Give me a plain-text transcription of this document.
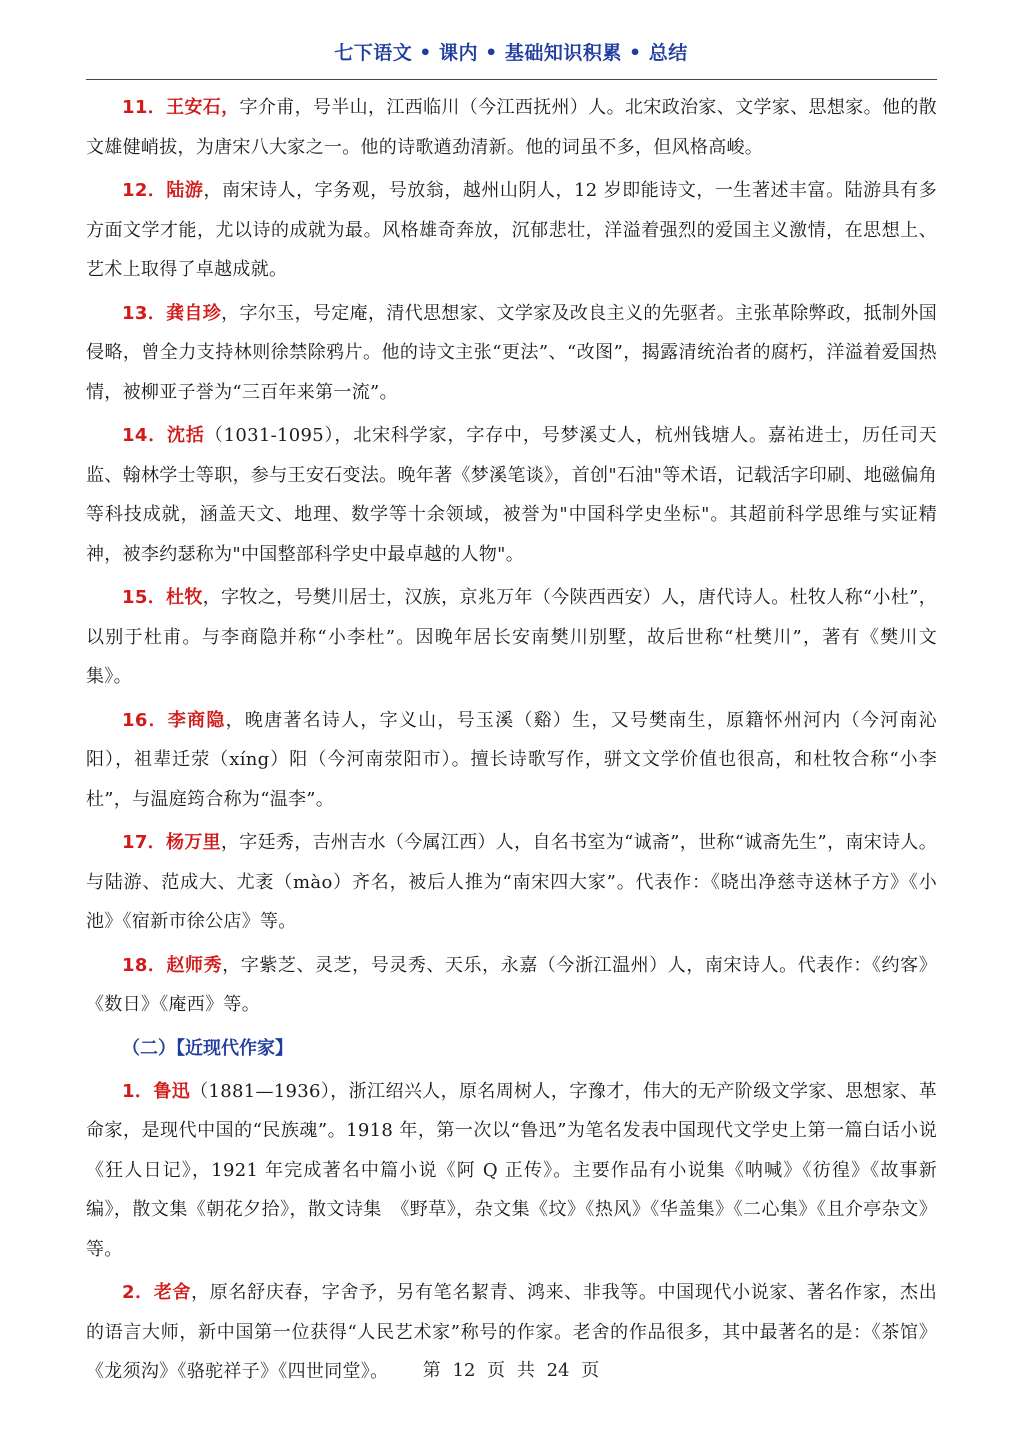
七下语文 • 课内 • 基础知识积累 • 总结

11．王安石，字介甫，号半山，江西临川（今江西抚州）人。北宋政治家、文学家、思想家。他的散文雄健峭拔，为唐宋八大家之一。他的诗歌遒劲清新。他的词虽不多，但风格高峻。

12．陆游，南宋诗人，字务观，号放翁，越州山阴人，12 岁即能诗文，一生著述丰富。陆游具有多方面文学才能，尤以诗的成就为最。风格雄奇奔放，沉郁悲壮，洋溢着强烈的爱国主义激情，在思想上、艺术上取得了卓越成就。

13．龚自珍，字尔玉，号定庵，清代思想家、文学家及改良主义的先驱者。主张革除弊政，抵制外国侵略，曾全力支持林则徐禁除鸦片。他的诗文主张“更法”、“改图”，揭露清统治者的腐朽，洋溢着爱国热情，被柳亚子誉为“三百年来第一流”。

14．沈括（1031-1095），北宋科学家，字存中，号梦溪丈人，杭州钱塘人。嘉祐进士，历任司天监、翰林学士等职，参与王安石变法。晚年著《梦溪笔谈》，首创"石油"等术语，记载活字印刷、地磁偏角等科技成就，涵盖天文、地理、数学等十余领域，被誉为"中国科学史坐标"。其超前科学思维与实证精神，被李约瑟称为"中国整部科学史中最卓越的人物"。

15．杜牧，字牧之，号樊川居士，汉族，京兆万年（今陕西西安）人，唐代诗人。杜牧人称“小杜”，以别于杜甫。与李商隐并称“小李杜”。因晚年居长安南樊川别墅，故后世称“杜樊川”，著有《樊川文集》。

16．李商隐，晚唐著名诗人，字义山，号玉溪（谿）生，又号樊南生，原籍怀州河内（今河南沁阳），祖辈迁荥（xíng）阳（今河南荥阳市）。擅长诗歌写作，骈文文学价值也很高，和杜牧合称“小李杜”，与温庭筠合称为“温李”。

17．杨万里，字廷秀，吉州吉水（今属江西）人，自名书室为“诚斋”，世称“诚斋先生”，南宋诗人。与陆游、范成大、尤袤（mào）齐名，被后人推为“南宋四大家”。代表作：《晓出净慈寺送林子方》《小池》《宿新市徐公店》等。

18．赵师秀，字紫芝、灵芝，号灵秀、天乐，永嘉（今浙江温州）人，南宋诗人。代表作：《约客》《数日》《庵西》等。

（二）【近现代作家】

1．鲁迅（1881—1936），浙江绍兴人，原名周树人，字豫才，伟大的无产阶级文学家、思想家、革命家，是现代中国的“民族魂”。1918 年，第一次以“鲁迅”为笔名发表中国现代文学史上第一篇白话小说《狂人日记》，1921 年完成著名中篇小说《阿 Q 正传》。主要作品有小说集《呐喊》《彷徨》《故事新编》，散文集《朝花夕拾》，散文诗集　《野草》，杂文集《坟》《热风》《华盖集》《二心集》《且介亭杂文》等。

2．老舍，原名舒庆春，字舍予，另有笔名絜青、鸿来、非我等。中国现代小说家、著名作家，杰出的语言大师，新中国第一位获得“人民艺术家”称号的作家。老舍的作品很多，其中最著名的是：《茶馆》《龙须沟》《骆驼祥子》《四世同堂》。	第 12 页 共 24 页
